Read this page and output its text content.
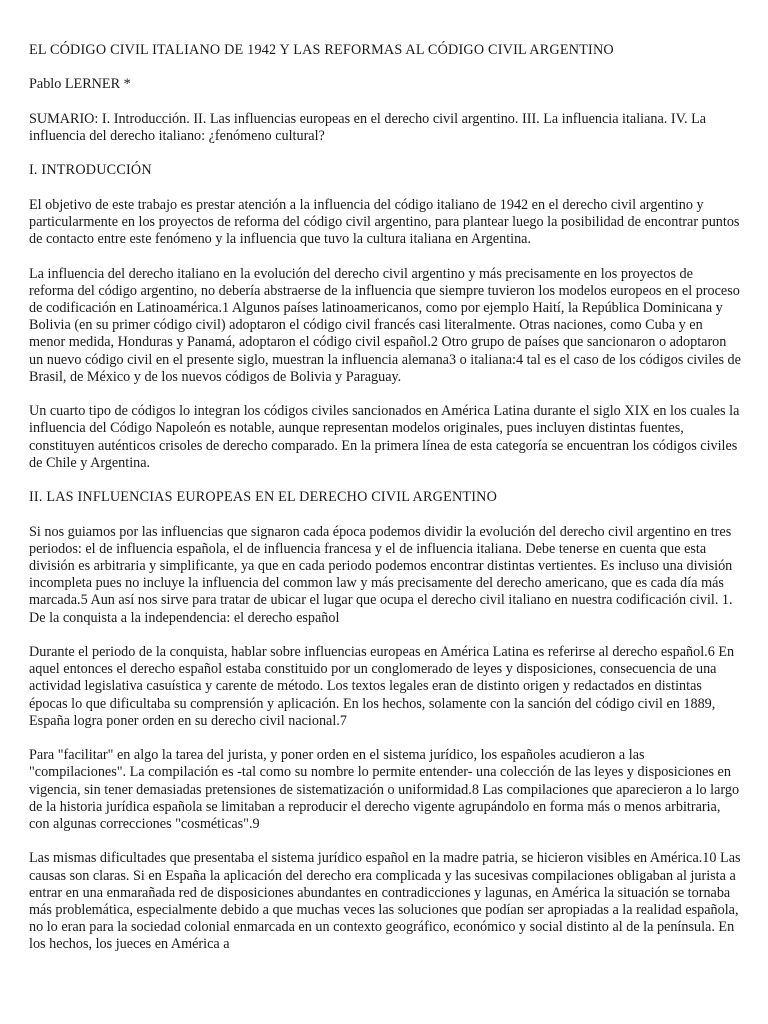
EL CÓDIGO CIVIL ITALIANO DE 1942 Y LAS REFORMAS AL CÓDIGO CIVIL ARGENTINO

Pablo LERNER *

SUMARIO: I. Introducción. II. Las influencias europeas en el derecho civil argentino. III. La influencia italiana. IV. La influencia del derecho italiano: ¿fenómeno cultural?

I. INTRODUCCIÓN

El objetivo de este trabajo es prestar atención a la influencia del código italiano de 1942 en el derecho civil argentino y particularmente en los proyectos de reforma del código civil argentino, para plantear luego la posibilidad de encontrar puntos de contacto entre este fenómeno y la influencia que tuvo la cultura italiana en Argentina.

La influencia del derecho italiano en la evolución del derecho civil argentino y más precisamente en los proyectos de reforma del código argentino, no debería abstraerse de la influencia que siempre tuvieron los modelos europeos en el proceso de codificación en Latinoamérica.1 Algunos países latinoamericanos, como por ejemplo Haití, la República Dominicana y Bolivia (en su primer código civil) adoptaron el código civil francés casi literalmente. Otras naciones, como Cuba y en menor medida, Honduras y Panamá, adoptaron el código civil español.2 Otro grupo de países que sancionaron o adoptaron un nuevo código civil en el presente siglo, muestran la influencia alemana3 o italiana:4 tal es el caso de los códigos civiles de Brasil, de México y de los nuevos códigos de Bolivia y Paraguay.

Un cuarto tipo de códigos lo integran los códigos civiles sancionados en América Latina durante el siglo XIX en los cuales la influencia del Código Napoleón es notable, aunque representan modelos originales, pues incluyen distintas fuentes, constituyen auténticos crisoles de derecho comparado. En la primera línea de esta categoría se encuentran los códigos civiles de Chile y Argentina.

II. LAS INFLUENCIAS EUROPEAS EN EL DERECHO CIVIL ARGENTINO

Si nos guiamos por las influencias que signaron cada época podemos dividir la evolución del derecho civil argentino en tres periodos: el de influencia española, el de influencia francesa y el de influencia italiana. Debe tenerse en cuenta que esta división es arbitraria y simplificante, ya que en cada periodo podemos encontrar distintas vertientes. Es incluso una división incompleta pues no incluye la influencia del common law y más precisamente del derecho americano, que es cada día más marcada.5 Aun así nos sirve para tratar de ubicar el lugar que ocupa el derecho civil italiano en nuestra codificación civil. 1. De la conquista a la independencia: el derecho español

Durante el periodo de la conquista, hablar sobre influencias europeas en América Latina es referirse al derecho español.6 En aquel entonces el derecho español estaba constituido por un conglomerado de leyes y disposiciones, consecuencia de una actividad legislativa casuística y carente de método. Los textos legales eran de distinto origen y redactados en distintas épocas lo que dificultaba su comprensión y aplicación. En los hechos, solamente con la sanción del código civil en 1889, España logra poner orden en su derecho civil nacional.7

Para "facilitar" en algo la tarea del jurista, y poner orden en el sistema jurídico, los españoles acudieron a las "compilaciones". La compilación es -tal como su nombre lo permite entender- una colección de las leyes y disposiciones en vigencia, sin tener demasiadas pretensiones de sistematización o uniformidad.8 Las compilaciones que aparecieron a lo largo de la historia jurídica española se limitaban a reproducir el derecho vigente agrupándolo en forma más o menos arbitraria, con algunas correcciones "cosméticas".9

Las mismas dificultades que presentaba el sistema jurídico español en la madre patria, se hicieron visibles en América.10 Las causas son claras. Si en España la aplicación del derecho era complicada y las sucesivas compilaciones obligaban al jurista a entrar en una enmarañada red de disposiciones abundantes en contradicciones y lagunas, en América la situación se tornaba más problemática, especialmente debido a que muchas veces las soluciones que podían ser apropiadas a la realidad española, no lo eran para la sociedad colonial enmarcada en un contexto geográfico, económico y social distinto al de la península. En los hechos, los jueces en América a
